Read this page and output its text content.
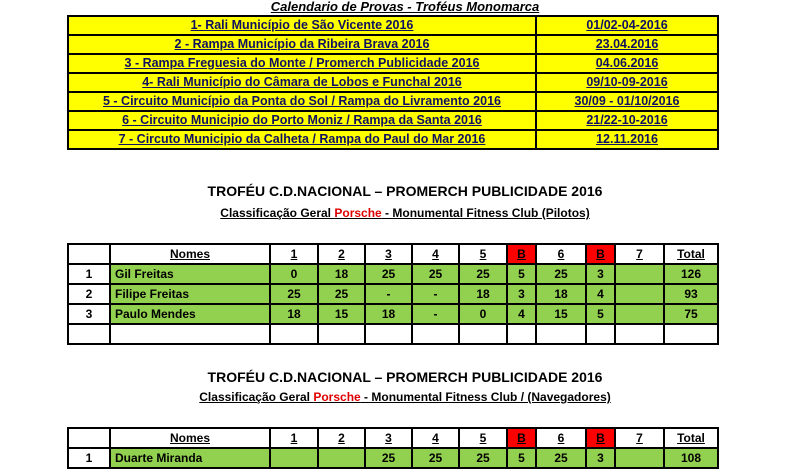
Calendario de Provas - Troféus Monomarca
1- Rali Município de São Vicente 2016	01/02-04-2016
2 - Rampa Município da Ribeira Brava 2016	23.04.2016
3 - Rampa Freguesia do Monte / Promerch Publicidade 2016	04.06.2016
4- Rali Município do Câmara de Lobos e Funchal 2016	09/10-09-2016
5 - Circuito Município da Ponta do Sol / Rampa do Livramento 2016	30/09 - 01/10/2016
6 - Circuito Municipio do Porto Moniz / Rampa da Santa 2016	21/22-10-2016
7 - Circuto Municipio da Calheta / Rampa do Paul do Mar 2016	12.11.2016
TROFÉU C.D.NACIONAL – PROMERCH PUBLICIDADE 2016
Classificação Geral Porsche - Monumental Fitness Club (Pilotos)
	Nomes	1	2	3	4	5	B	6	B	7	Total
1	Gil Freitas	0	18	25	25	25	5	25	3		126
2	Filipe Freitas	25	25	-	-	18	3	18	4		93
3	Paulo Mendes	18	15	18	-	0	4	15	5		75

TROFÉU C.D.NACIONAL – PROMERCH PUBLICIDADE 2016
Classificação Geral Porsche - Monumental Fitness Club / (Navegadores)
	Nomes	1	2	3	4	5	B	6	B	7	Total
1	Duarte Miranda			25	25	25	5	25	3		108
